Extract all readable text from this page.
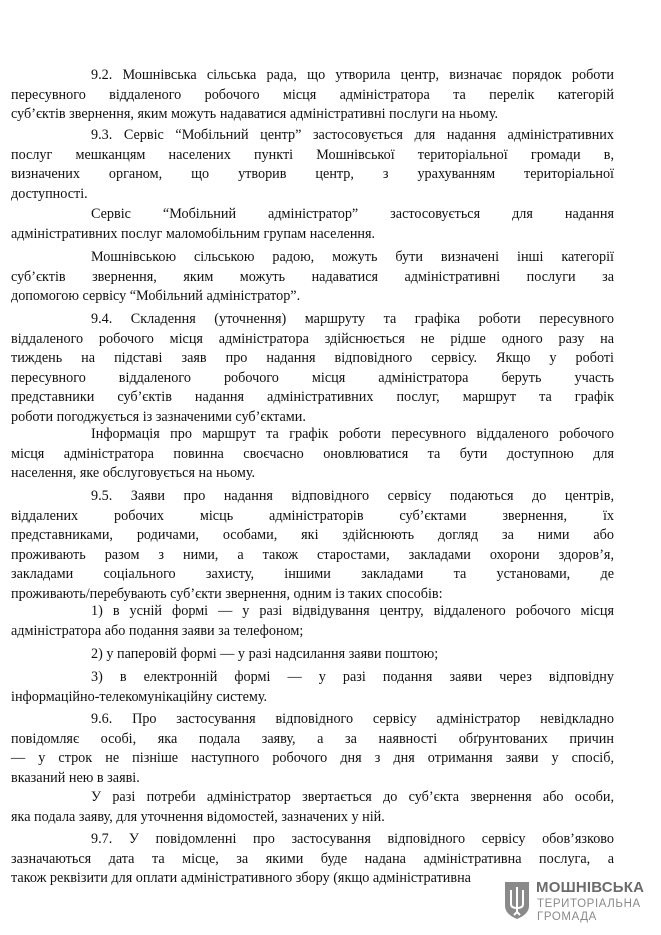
9.2. Мошнівська сільська рада, що утворила центр, визначає порядок роботи
пересувного віддаленого робочого місця адміністратора та перелік категорій
суб’єктів звернення, яким можуть надаватися адміністративні послуги на ньому.
9.3. Сервіс “Мобільний центр” застосовується для надання адміністративних
послуг мешканцям населених пункті Мошнівської територіальної громади в,
визначених органом, що утворив центр, з урахуванням територіальної
доступності.
Сервіс “Мобільний адміністратор” застосовується для надання
адміністративних послуг маломобільним групам населення.
Мошнівською сільською радою, можуть бути визначені інші категорії
суб’єктів звернення, яким можуть надаватися адміністративні послуги за
допомогою сервісу “Мобільний адміністратор”.
9.4. Складення (уточнення) маршруту та графіка роботи пересувного
віддаленого робочого місця адміністратора здійснюється не рідше одного разу на
тиждень на підставі заяв про надання відповідного сервісу. Якщо у роботі
пересувного віддаленого робочого місця адміністратора беруть участь
представники суб’єктів надання адміністративних послуг, маршрут та графік
роботи погоджується із зазначеними суб’єктами.
Інформація про маршрут та графік роботи пересувного віддаленого робочого
місця адміністратора повинна своєчасно оновлюватися та бути доступною для
населення, яке обслуговується на ньому.
9.5. Заяви про надання відповідного сервісу подаються до центрів,
віддалених робочих місць адміністраторів суб’єктами звернення, їх
представниками, родичами, особами, які здійснюють догляд за ними або
проживають разом з ними, а також старостами, закладами охорони здоров’я,
закладами соціального захисту, іншими закладами та установами, де
проживають/перебувають суб’єкти звернення, одним із таких способів:
1) в усній формі — у разі відвідування центру, віддаленого робочого місця
адміністратора або подання заяви за телефоном;
2) у паперовій формі — у разі надсилання заяви поштою;
3) в електронній формі — у разі подання заяви через відповідну
інформаційно-телекомунікаційну систему.
9.6. Про застосування відповідного сервісу адміністратор невідкладно
повідомляє особі, яка подала заяву, а за наявності обґрунтованих причин
— у строк не пізніше наступного робочого дня з дня отримання заяви у спосіб,
вказаний нею в заяві.
У разі потреби адміністратор звертається до суб’єкта звернення або особи,
яка подала заяву, для уточнення відомостей, зазначених у ній.
9.7. У повідомленні про застосування відповідного сервісу обов’язково
зазначаються дата та місце, за якими буде надана адміністративна послуга, а
також реквізити для оплати адміністративного збору (якщо адміністративна
МОШНІВСЬКА
ТЕРИТОРІАЛЬНА
ГРОМАДА
